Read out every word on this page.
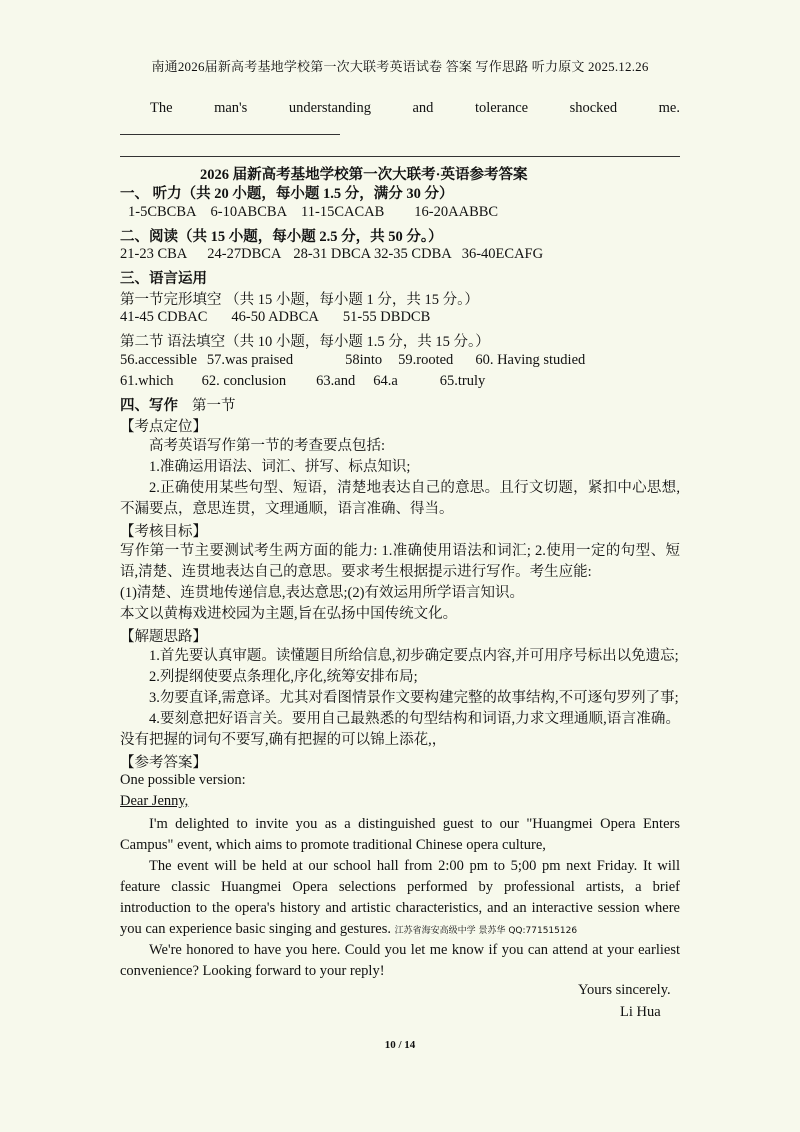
南通2026届新高考基地学校第一次大联考英语试卷 答案 写作思路 听力原文 2025.12.26
The	man's	understanding	and	tolerance	shocked	me.
2026 届新高考基地学校第一次大联考·英语参考答案
一、 听力（共 20 小题，每小题 1.5 分，满分 30 分）
1-5CBCBA 6-10ABCBA 11-15CACAB 16-20AABBC
二、阅读（共 15 小题，每小题 2.5 分，共 50 分。）
21-23 CBA 24-27DBCA 28-31 DBCA 32-35 CDBA 36-40ECAFG
三、语言运用
第一节完形填空 （共 15 小题，每小题 1 分，共 15 分。）
41-45 CDBAC 46-50 ADBCA 51-55 DBDCB
第二节 语法填空（共 10 小题，每小题 1.5 分，共 15 分。）
56.accessible 57.was praised	58into 59.rooted 60. Having studied
61.which 62. conclusion 63.and 64.a	65.truly
四、写作 第一节
【考点定位】
高考英语写作第一节的考查要点包括:
1.准确运用语法、词汇、拼写、标点知识;
2.正确使用某些句型、短语，清楚地表达自己的意思。且行文切题，紧扣中心思想,不漏要点，意思连贯，文理通顺，语言准确、得当。
【考核目标】
写作第一节主要测试考生两方面的能力: 1.准确使用语法和词汇; 2.使用一定的句型、短语,清楚、连贯地表达自己的意思。要求考生根据提示进行写作。考生应能:
(1)清楚、连贯地传递信息,表达意思;(2)有效运用所学语言知识。
本文以黄梅戏进校园为主题,旨在弘扬中国传统文化。
【解题思路】
1.首先要认真审题。读懂题目所给信息,初步确定要点内容,并可用序号标出以免遗忘;
2.列提纲使要点条理化,序化,统筹安排布局;
3.勿要直译,需意译。尤其对看图情景作文要构建完整的故事结构,不可逐句罗列了事;
4.要刻意把好语言关。要用自己最熟悉的句型结构和词语,力求文理通顺,语言准确。没有把握的词句不要写,确有把握的可以锦上添花,，
【参考答案】
One possible version:
Dear Jenny,
I'm delighted to invite you as a distinguished guest to our "Huangmei Opera Enters Campus" event, which aims to promote traditional Chinese opera culture,
The event will be held at our school hall from 2:00 pm to 5;00 pm next Friday. It will feature classic Huangmei Opera selections performed by professional artists, a brief introduction to the opera's history and artistic characteristics, and an interactive session where you can experience basic singing and gestures. 江苏省海安高级中学 景苏华 QQ:771515126
We're honored to have you here. Could you let me know if you can attend at your earliest convenience? Looking forward to your reply!
Yours sincerely.
Li Hua
10 / 14
